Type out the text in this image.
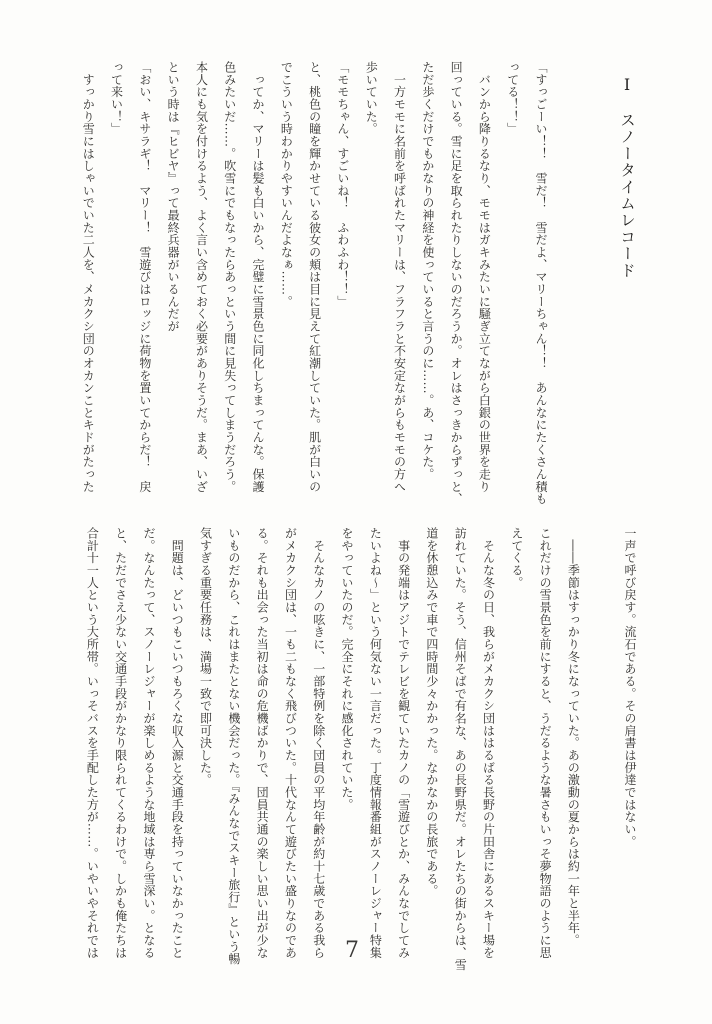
Ⅰ　スノータイムレコード

「すっごーい！！　雪だ！　雪だよ、マリーちゃん！！　あんなにたくさん積も

ってる！！」

　バンから降りるなり、モモはガキみたいに騒ぎ立てながら白銀の世界を走り

回っている。雪に足を取られたりしないのだろうか。オレはさっきからずっと、

ただ歩くだけでもかなりの神経を使っていると言うのに……。あ、コケた。

　一方モモに名前を呼ばれたマリーは、フラフラと不安定ながらもモモの方へ

歩いていた。

「モモちゃん、すごいね！　ふわふわ！！」

と、桃色の瞳を輝かせている彼女の頬は目に見えて紅潮していた。肌が白いの

でこういう時わかりやすいんだよなぁ……。

　ってか、マリーは髪も白いから、完璧に雪景色に同化しちまってんな。保護

色みたいだ……。吹雪にでもなったらあっという間に見失ってしまうだろう。

本人にも気を付けるよう、よく言い含めておく必要がありそうだ。まあ、いざ

という時は『ヒビヤ』って最終兵器がいるんだが

「おい、キサラギ！　マリー！　雪遊びはロッジに荷物を置いてからだ！　戻

って来い！」

　すっかり雪にはしゃいでいた二人を、メカクシ団のオカンことキドがたった

一声で呼び戻す。流石である。その肩書は伊達ではない。

　――季節はすっかり冬になっていた。あの激動の夏からは約一年と半年。

これだけの雪景色を前にすると、うだるような暑さもいっそ夢物語のように思

えてくる。

　そんな冬の日、我らがメカクシ団ははるばる長野の片田舎にあるスキー場を

訪れていた。そう、信州そばで有名な、あの長野県だ。オレたちの街からは、雪

道を休憩込みで車で四時間少々かかった。なかなかの長旅である。

　事の発端はアジトでテレビを観ていたカノの「雪遊びとか、みんなでしてみ

たいよね〜」という何気ない一言だった。丁度情報番組がスノーレジャー特集

をやっていたのだ。完全にそれに感化されていた。

　そんなカノの呟きに、一部特例を除く団員の平均年齢が約十七歳である我ら

がメカクシ団は、一も二もなく飛びついた。十代なんて遊びたい盛りなのであ

る。それも出会った当初は命の危機ばかりで、団員共通の楽しい思い出が少な

いものだから、これはまたとない機会だった。『みんなでスキー旅行』という暢

気すぎる重要任務は、満場一致で即可決した。

　問題は、どいつもこいつもろくな収入源と交通手段を持っていなかったこと

だ。なんたって、スノーレジャーが楽しめるような地域は専ら雪深い。となる

と、ただでさえ少ない交通手段がかなり限られてくるわけで。しかも俺たちは

合計十一人という大所帯。いっそバスを手配した方が……。いやいやそれでは	7
